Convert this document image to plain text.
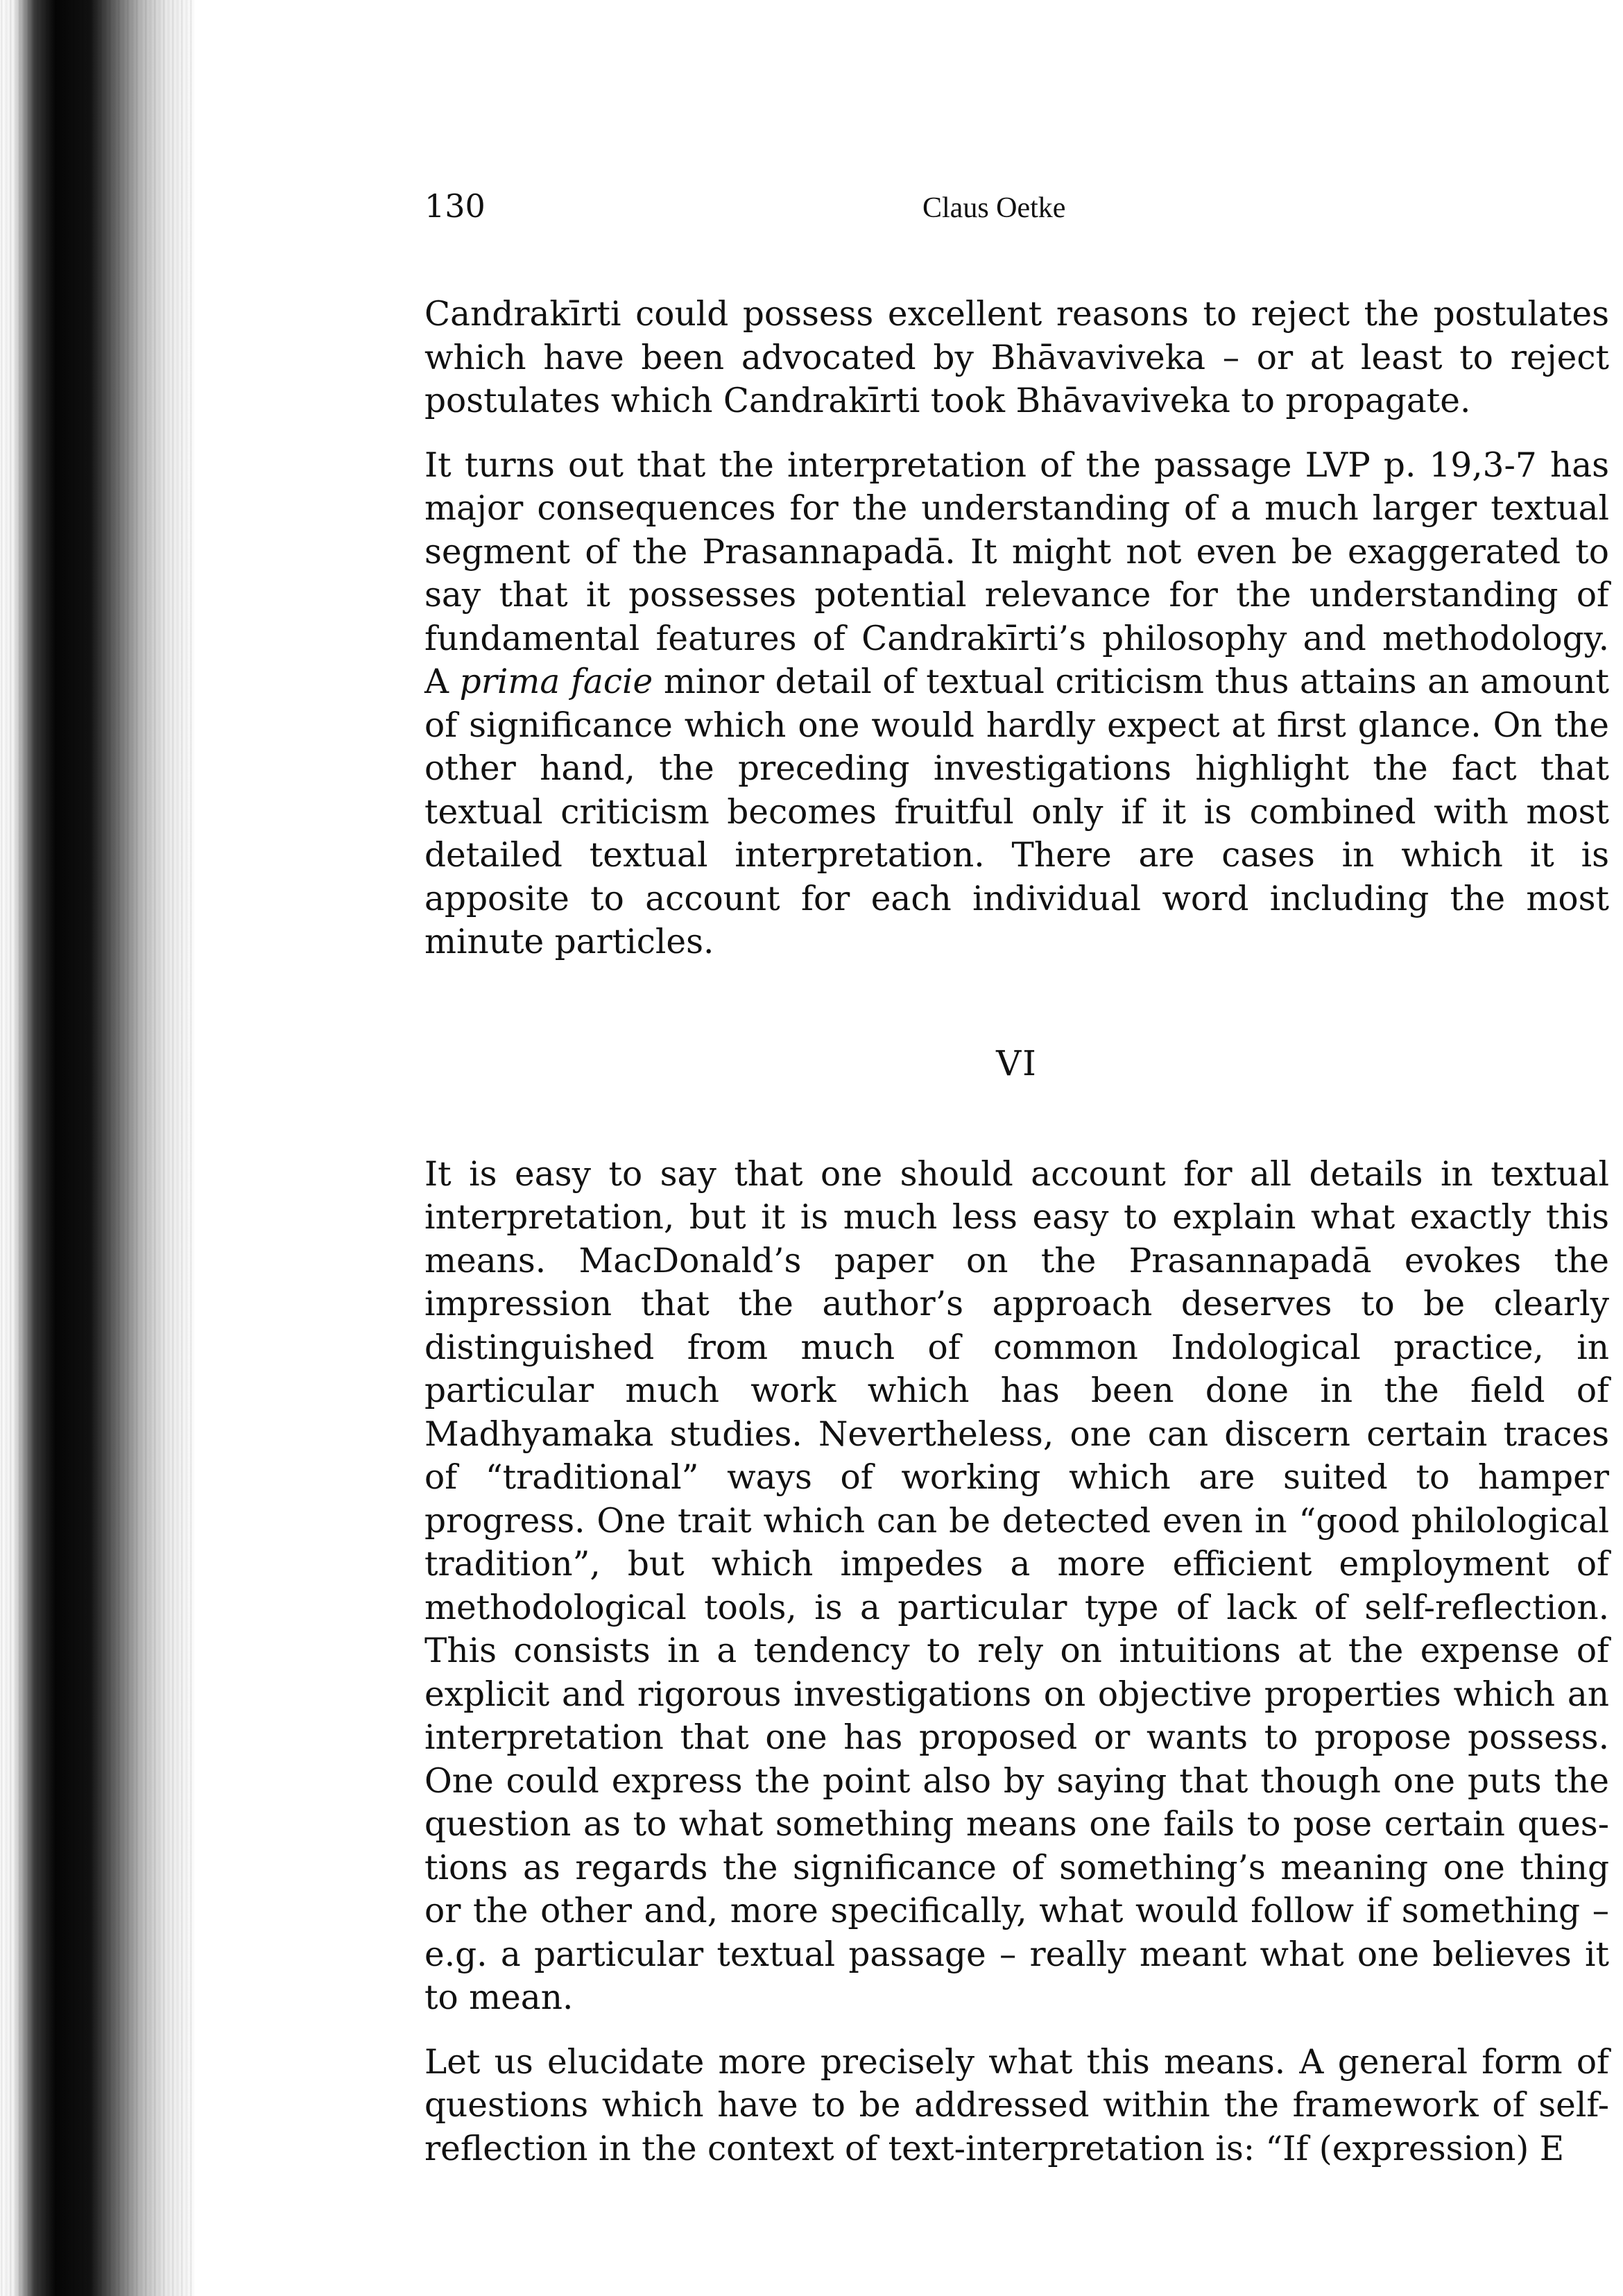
130	Claus Oetke

Candrakīrti could possess excellent reasons to reject the postulates which have been advocated by Bhāvaviveka – or at least to reject postulates which Candrakīrti took Bhāvaviveka to propagate.

It turns out that the interpretation of the passage LVP p. 19,3-7 has major consequences for the understanding of a much larger textual segment of the Prasannapadā. It might not even be exaggerated to say that it possesses potential relevance for the understanding of fundamental features of Candrakīrti’s philosophy and methodology. A prima facie minor detail of textual criticism thus attains an amount of significance which one would hardly expect at first glance. On the other hand, the preceding investigations highlight the fact that textual criticism becomes fruitful only if it is combined with most detailed textual interpretation. There are cases in which it is apposite to account for each individual word including the most minute particles.

VI

It is easy to say that one should account for all details in textual interpretation, but it is much less easy to explain what exactly this means. MacDonald’s paper on the Prasannapadā evokes the impression that the author’s approach deserves to be clearly distinguished from much of common Indological practice, in particular much work which has been done in the field of Madhyamaka studies. Nevertheless, one can discern certain traces of “traditional” ways of working which are suited to hamper progress. One trait which can be detected even in “good philological tradition”, but which impedes a more efficient employment of methodological tools, is a particular type of lack of self-reflection. This consists in a tendency to rely on intuitions at the expense of explicit and rigorous investigations on objective properties which an interpretation that one has proposed or wants to propose possess. One could express the point also by saying that though one puts the question as to what something means one fails to pose certain questions as regards the significance of something’s meaning one thing or the other and, more specifically, what would follow if something – e.g. a particular textual passage – really meant what one believes it to mean.

Let us elucidate more precisely what this means. A general form of questions which have to be addressed within the framework of self-reflection in the context of text-interpretation is: “If (expression) E
